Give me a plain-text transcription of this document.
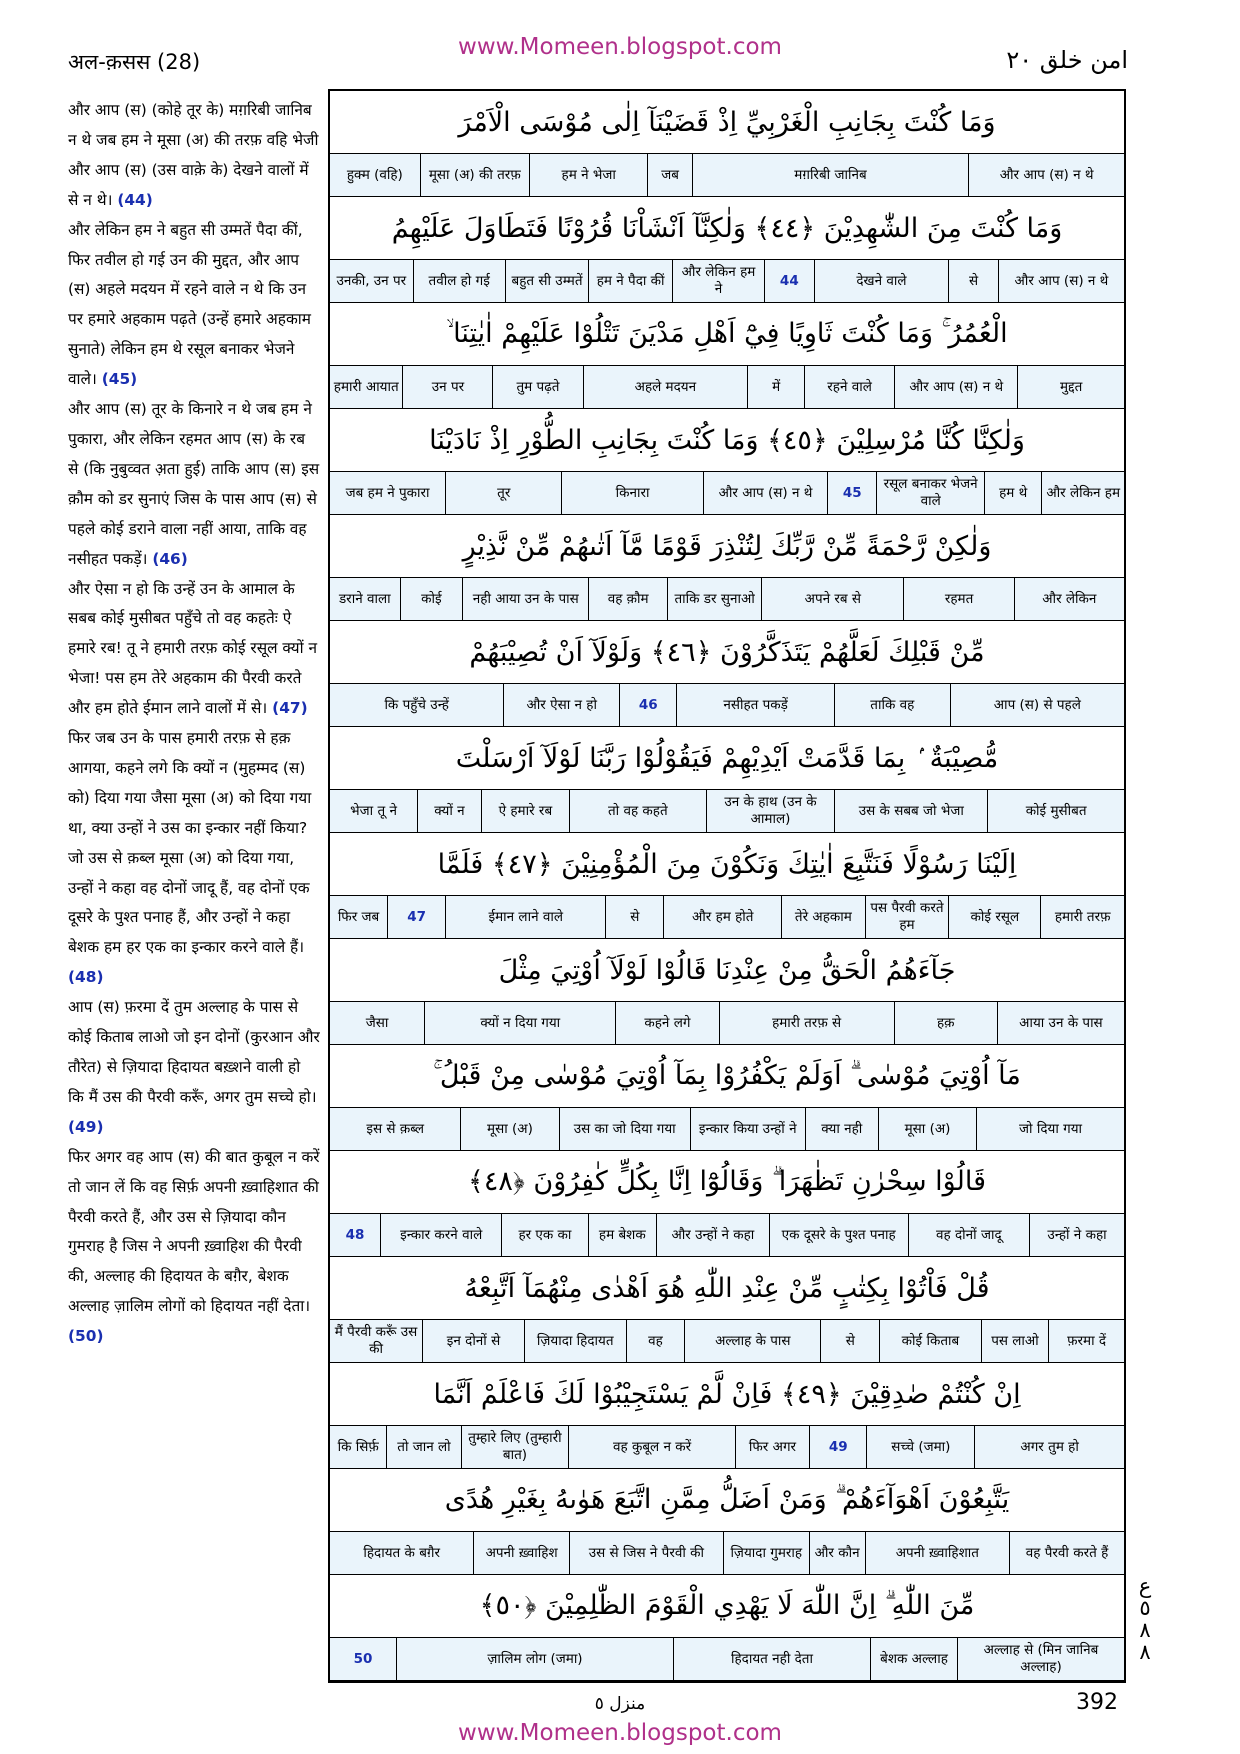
अल-क़सस (28)
www.Momeen.blogspot.com	امن خلق ٢٠
और आप (स) (कोहे तूर के) मग़रिबी जानिब न थे जब हम ने मूसा (अ) की तरफ़ वहि भेजी और आप (स) (उस वाक़े के) देखने वालों में से न थे। (44)
और लेकिन हम ने बहुत सी उम्मतें पैदा कीं, फिर तवील हो गई उन की मुद्दत, और आप (स) अहले मदयन में रहने वाले न थे कि उन पर हमारे अहकाम पढ़ते (उन्हें हमारे अहकाम सुनाते) लेकिन हम थे रसूल बनाकर भेजने वाले। (45)
और आप (स) तूर के किनारे न थे जब हम ने पुकारा, और लेकिन रहमत आप (स) के रब से (कि नुबुव्वत अ़ता हुई) ताकि आप (स) इस क़ौम को डर सुनाएं जिस के पास आप (स) से पहले कोई डराने वाला नहीं आया, ताकि वह नसीहत पकड़ें। (46)
और ऐसा न हो कि उन्हें उन के आमाल के सबब कोई मुसीबत पहुँचे तो वह कहतेः ऐ हमारे रब! तू ने हमारी तरफ़ कोई रसूल क्यों न भेजा! पस हम तेरे अहकाम की पैरवी करते और हम होते ईमान लाने वालों में से। (47)
फिर जब उन के पास हमारी तरफ़ से हक़ आगया, कहने लगे कि क्यों न (मुहम्मद (स) को) दिया गया जैसा मूसा (अ) को दिया गया था, क्या उन्हों ने उस का इन्कार नहीं किया? जो उस से क़ब्ल मूसा (अ) को दिया गया, उन्हों ने कहा वह दोनों जादू हैं, वह दोनों एक दूसरे के पुश्त पनाह हैं, और उन्हों ने कहा बेशक हम हर एक का इन्कार करने वाले हैं। (48)
आप (स) फ़रमा दें तुम अल्लाह के पास से कोई किताब लाओ जो इन दोनों (कुरआन और तौरेत) से ज़ियादा हिदायत बख़्शने वाली हो कि मैं उस की पैरवी करूँ, अगर तुम सच्चे हो। (49)
फिर अगर वह आप (स) की बात कुबूल न करें तो जान लें कि वह सिर्फ़ अपनी ख़्वाहिशात की पैरवी करते हैं, और उस से ज़ियादा कौन गुमराह है जिस ने अपनी ख़्वाहिश की पैरवी की, अल्लाह की हिदायत के बग़ैर, बेशक अल्लाह ज़ालिम लोगों को हिदायत नहीं देता। (50)

وَمَا كُنْتَ بِجَانِبِ الْغَرْبِيِّ اِذْ قَضَيْنَآ اِلٰى مُوْسَى الْاَمْرَ
और आप (स) न थे
मग़रिबी जानिब
जब
हम ने भेजा
मूसा (अ) की तरफ़
हुक्म (वहि)
وَمَا كُنْتَ مِنَ الشّٰهِدِيْنَ ﴿٤٤﴾ وَلٰكِنَّآ اَنْشَاْنَا قُرُوْنًا فَتَطَاوَلَ عَلَيْهِمُ
और आप (स) न थे
से
देखने वाले
44
और लेकिन हम ने
हम ने पैदा कीं
बहुत सी उम्मतें
तवील हो गई
उनकी, उन पर
الْعُمُرُ ۚ وَمَا كُنْتَ ثَاوِيًا فِيْٓ اَهْلِ مَدْيَنَ تَتْلُوْا عَلَيْهِمْ اٰيٰتِنَا ۙ
मुद्दत
और आप (स) न थे
रहने वाले
में
अहले मदयन
तुम पढ़ते
उन पर
हमारी आयात
وَلٰكِنَّا كُنَّا مُرْسِلِيْنَ ﴿٤٥﴾ وَمَا كُنْتَ بِجَانِبِ الطُّوْرِ اِذْ نَادَيْنَا
और लेकिन हम
हम थे
रसूल बनाकर भेजने वाले
45
और आप (स) न थे
किनारा
तूर
जब हम ने पुकारा
وَلٰكِنْ رَّحْمَةً مِّنْ رَّبِّكَ لِتُنْذِرَ قَوْمًا مَّآ اَتٰىهُمْ مِّنْ نَّذِيْرٍ
और लेकिन
रहमत
अपने रब से
ताकि डर सुनाओ
वह क़ौम
नही आया उन के पास
कोई
डराने वाला
مِّنْ قَبْلِكَ لَعَلَّهُمْ يَتَذَكَّرُوْنَ ﴿٤٦﴾ وَلَوْلَآ اَنْ تُصِيْبَهُمْ
आप (स) से पहले
ताकि वह
नसीहत पकड़ें
46
और ऐसा न हो
कि पहुँचे उन्हें
مُّصِيْبَةٌ ۢ بِمَا قَدَّمَتْ اَيْدِيْهِمْ فَيَقُوْلُوْا رَبَّنَا لَوْلَآ اَرْسَلْتَ
कोई मुसीबत
उस के सबब जो भेजा
उन के हाथ (उन के आमाल)
तो वह कहते
ऐ हमारे रब
क्यों न
भेजा तू ने
اِلَيْنَا رَسُوْلًا فَنَتَّبِعَ اٰيٰتِكَ وَنَكُوْنَ مِنَ الْمُؤْمِنِيْنَ ﴿٤٧﴾ فَلَمَّا
हमारी तरफ़
कोई रसूल
पस पैरवी करते हम
तेरे अहकाम
और हम होते
से
ईमान लाने वाले
47
फिर जब
جَآءَهُمُ الْحَقُّ مِنْ عِنْدِنَا قَالُوْا لَوْلَآ اُوْتِيَ مِثْلَ
आया उन के पास
हक़
हमारी तरफ़ से
कहने लगे
क्यों न दिया गया
जैसा
مَآ اُوْتِيَ مُوْسٰى ۗ اَوَلَمْ يَكْفُرُوْا بِمَآ اُوْتِيَ مُوْسٰى مِنْ قَبْلُ ۚ
जो दिया गया
मूसा (अ)
क्या नही
इन्कार किया उन्हों ने
उस का जो दिया गया
मूसा (अ)
इस से क़ब्ल
قَالُوْا سِحْرٰنِ تَظٰهَرَا ۗ وَقَالُوْٓا اِنَّا بِكُلٍّ كٰفِرُوْنَ ﴿٤٨﴾
उन्हों ने कहा
वह दोनों जादू
एक दूसरे के पुश्त पनाह
और उन्हों ने कहा
हम बेशक
हर एक का
इन्कार करने वाले
48
قُلْ فَاْتُوْا بِكِتٰبٍ مِّنْ عِنْدِ اللّٰهِ هُوَ اَهْدٰى مِنْهُمَآ اَتَّبِعْهُ
फ़रमा दें
पस लाओ
कोई किताब
से
अल्लाह के पास
वह
ज़ियादा हिदायत
इन दोनों से
मैं पैरवी करूँ उस की
اِنْ كُنْتُمْ صٰدِقِيْنَ ﴿٤٩﴾ فَاِنْ لَّمْ يَسْتَجِيْبُوْا لَكَ فَاعْلَمْ اَنَّمَا
अगर तुम हो
सच्चे (जमा)
49
फिर अगर
वह कुबूल न करें
तुम्हारे लिए (तुम्हारी बात)
तो जान लो
कि सिर्फ़
يَتَّبِعُوْنَ اَهْوَآءَهُمْ ۗ وَمَنْ اَضَلُّ مِمَّنِ اتَّبَعَ هَوٰىهُ بِغَيْرِ هُدًى
वह पैरवी करते हैं
अपनी ख़्वाहिशात
और कौन
ज़ियादा गुमराह
उस से जिस ने पैरवी की
अपनी ख़्वाहिश
हिदायत के बग़ैर
مِّنَ اللّٰهِ ۗ اِنَّ اللّٰهَ لَا يَهْدِي الْقَوْمَ الظّٰلِمِيْنَ ﴿٥٠﴾
अल्लाह से (मिन जानिब अल्लाह)
बेशक अल्लाह
हिदायत नही देता
ज़ालिम लोग (जमा)
50
ع ٥ ٨ ٨
منزل ٥	392
www.Momeen.blogspot.com
